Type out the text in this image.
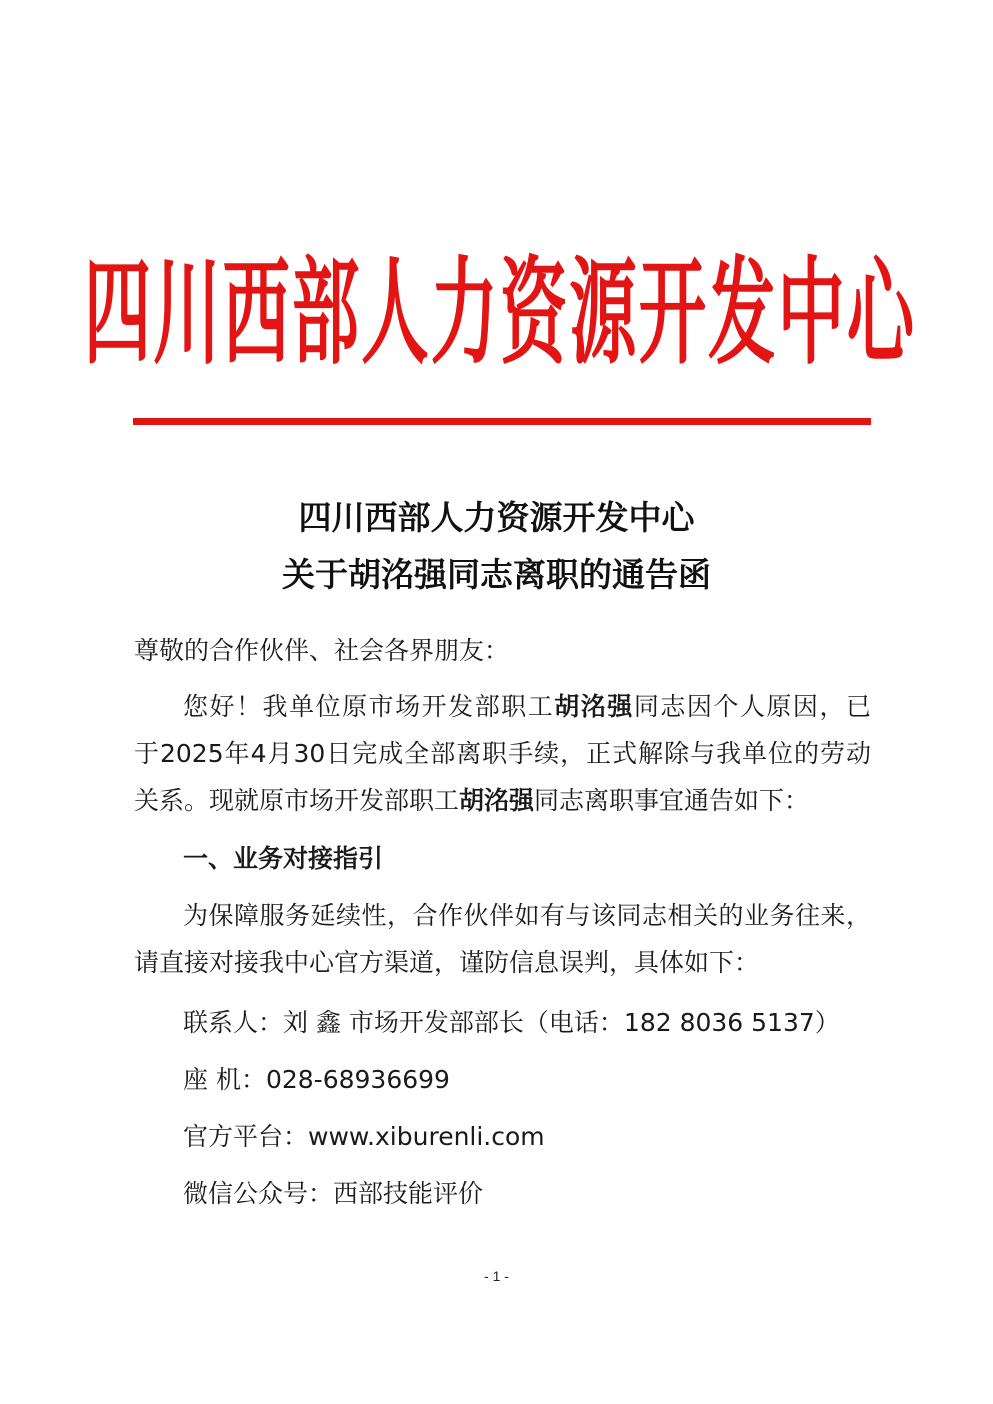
四川西部人力资源开发中心
四川西部人力资源开发中心
关于胡洺强同志离职的通告函
尊敬的合作伙伴、社会各界朋友：
您好！我单位原市场开发部职工胡洺强同志因个人原因，已
于2025年4月30日完成全部离职手续，正式解除与我单位的劳动
关系。现就原市场开发部职工胡洺强同志离职事宜通告如下：
一、业务对接指引
为保障服务延续性，合作伙伴如有与该同志相关的业务往来，
请直接对接我中心官方渠道，谨防信息误判，具体如下：
联系人：刘 鑫 市场开发部部长（电话：182 8036 5137）
座 机：028-68936699
官方平台：www.xiburenli.com
微信公众号：西部技能评价
- 1 -
